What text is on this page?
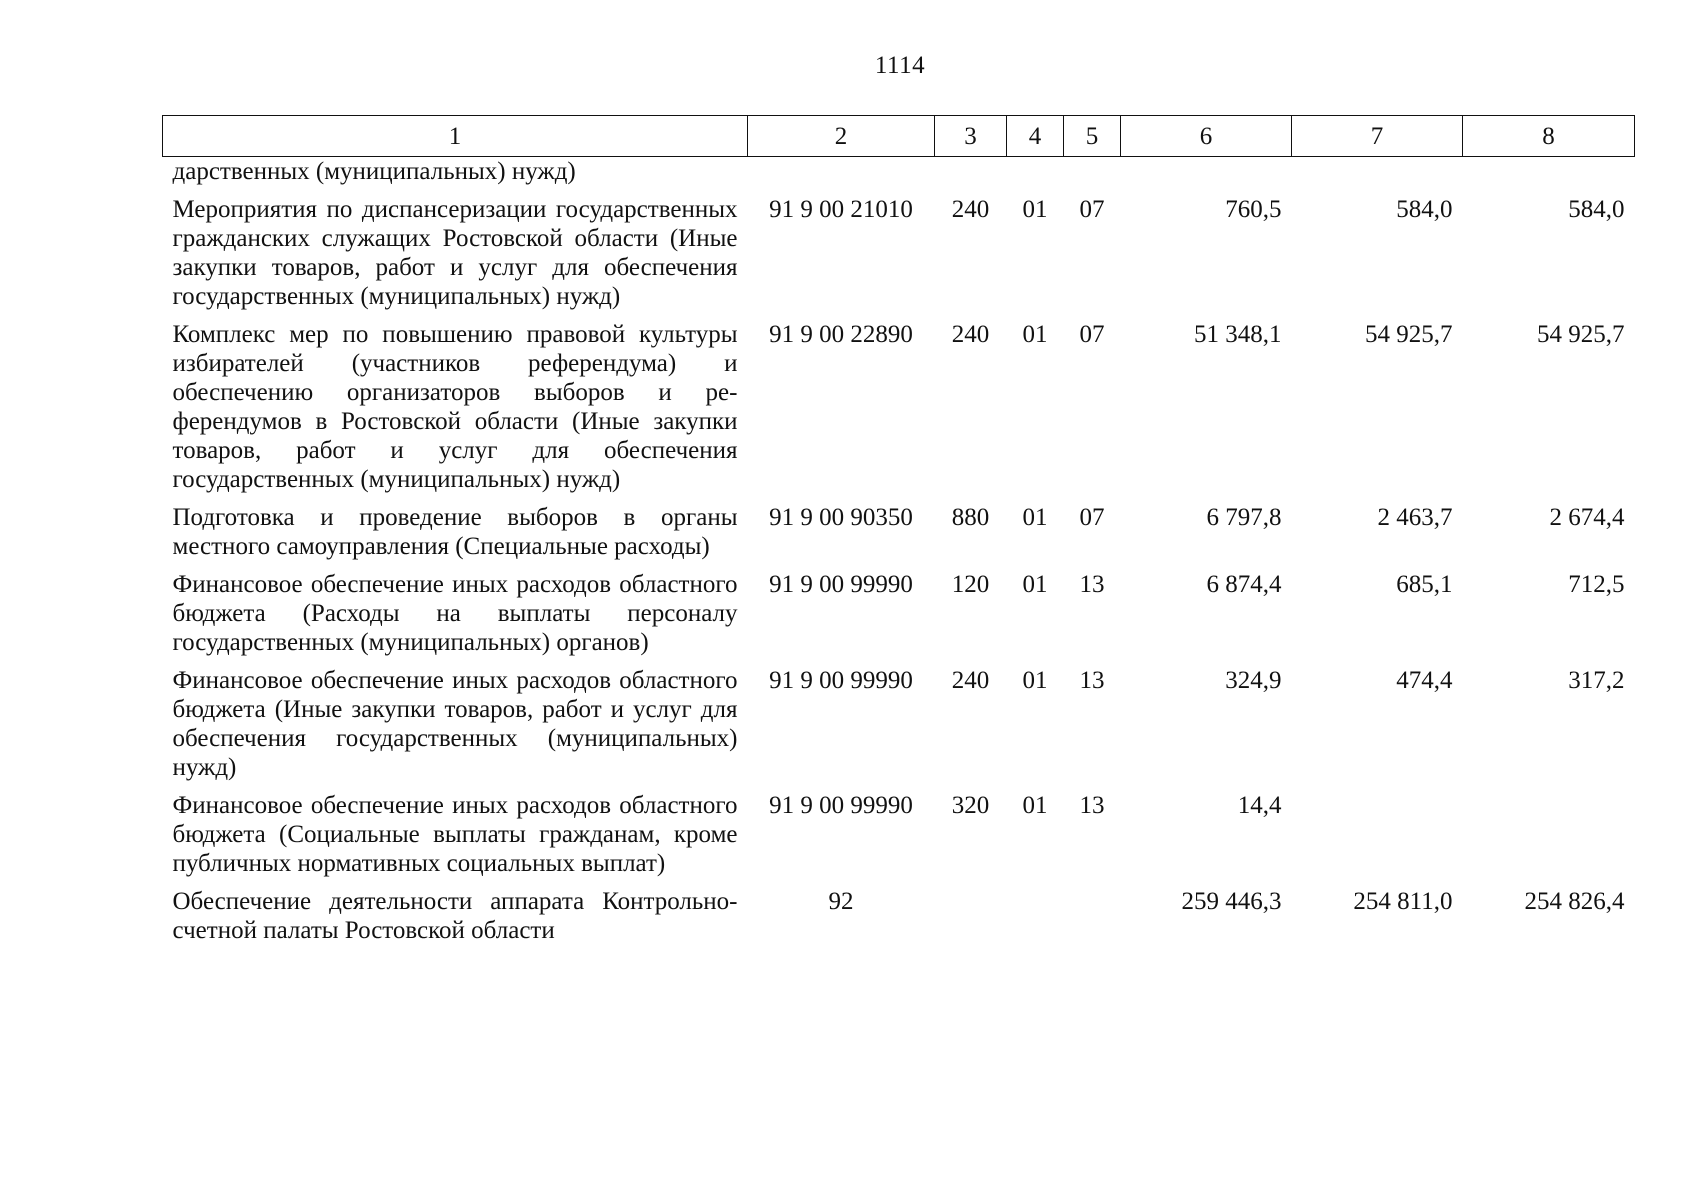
1114
1	2	3	4	5	6	7	8
дарственных (муниципальных) нужд)							
Мероприятия по диспансеризации государственных гражданских служащих Ростовской области (Иные закупки товаров, работ и услуг для обеспечения государственных (муниципальных) нужд)	91 9 00 21010	240	01	07	760,5	584,0	584,0
Комплекс мер по повышению правовой культуры избирателей (участников референдума) и обеспечению организаторов выборов и референдумов в Ростовской области (Иные закупки товаров, работ и услуг для обеспечения государственных (муниципальных) нужд)	91 9 00 22890	240	01	07	51 348,1	54 925,7	54 925,7
Подготовка и проведение выборов в органы местного самоуправления (Специальные расходы)	91 9 00 90350	880	01	07	6 797,8	2 463,7	2 674,4
Финансовое обеспечение иных расходов областного бюджета (Расходы на выплаты персоналу государственных (муниципальных) органов)	91 9 00 99990	120	01	13	6 874,4	685,1	712,5
Финансовое обеспечение иных расходов областного бюджета (Иные закупки товаров, работ и услуг для обеспечения государственных (муниципальных) нужд)	91 9 00 99990	240	01	13	324,9	474,4	317,2
Финансовое обеспечение иных расходов областного бюджета (Социальные выплаты гражданам, кроме публичных нормативных социальных выплат)	91 9 00 99990	320	01	13	14,4		
Обеспечение деятельности аппарата Контрольно-счетной палаты Ростовской области	92				259 446,3	254 811,0	254 826,4
